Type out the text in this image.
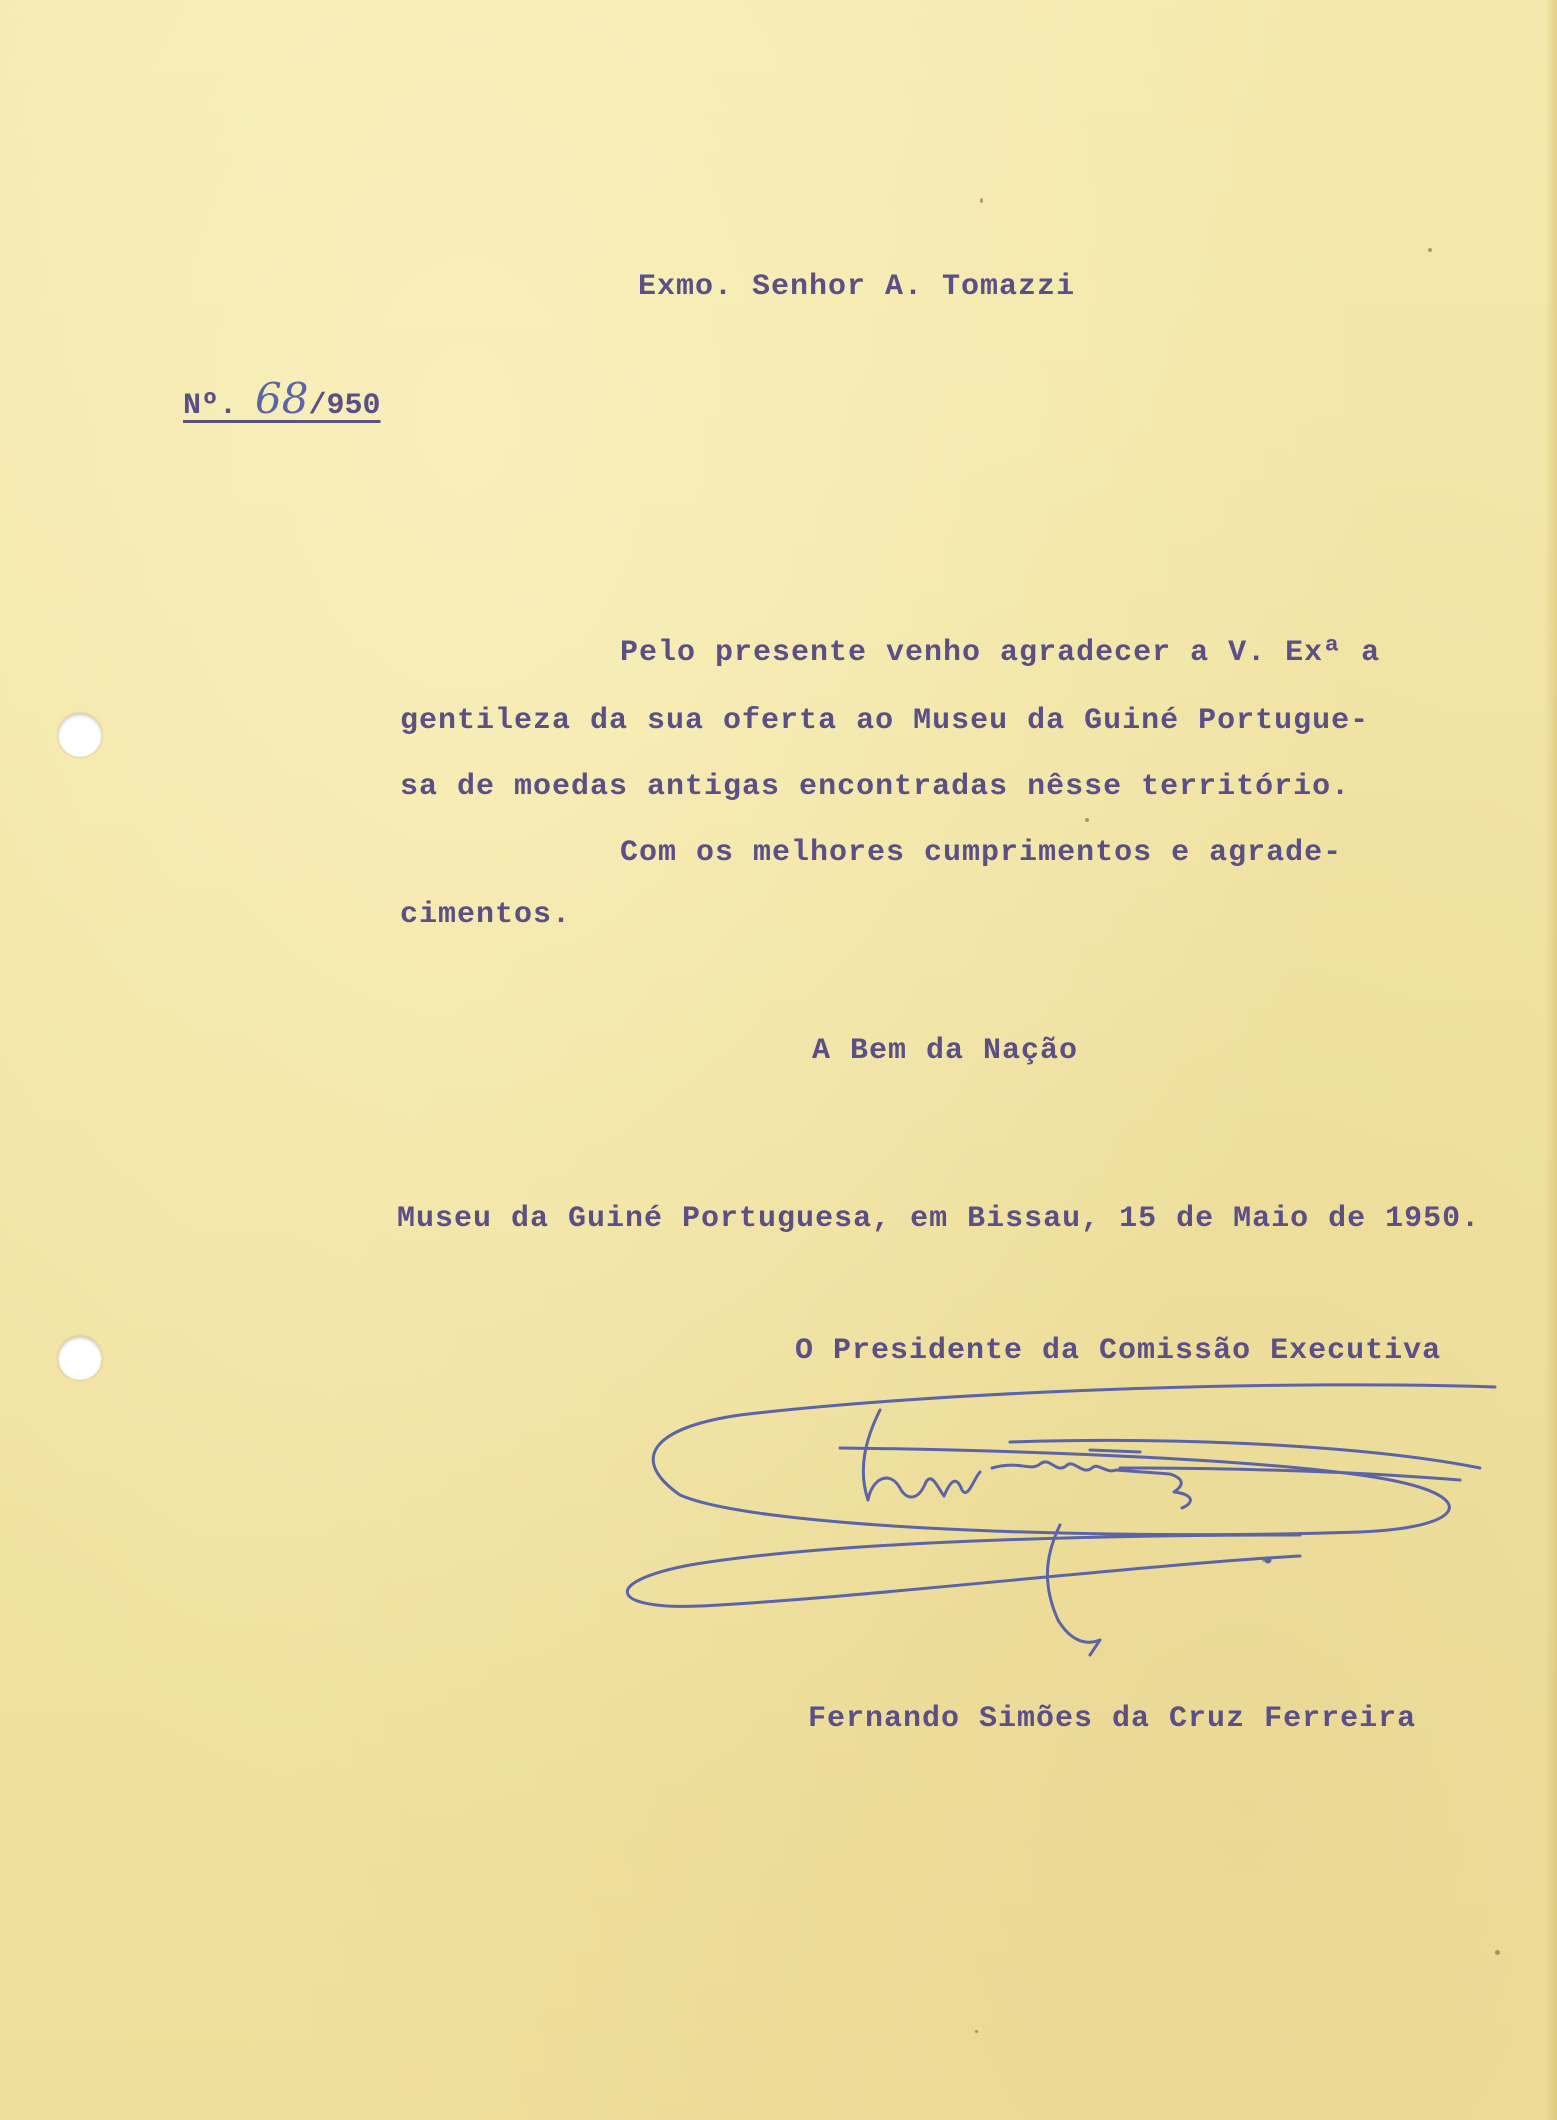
Exmo. Senhor A. Tomazzi

Nº. 68/950

Pelo presente venho agradecer a V. Exª a

gentileza da sua oferta ao Museu da Guiné Portugue-

sa de moedas antigas encontradas nêsse território.

Com os melhores cumprimentos e agrade-

cimentos.

A Bem da Nação

Museu da Guiné Portuguesa, em Bissau, 15 de Maio de 1950.

O Presidente da Comissão Executiva

Fernando Simões da Cruz Ferreira
